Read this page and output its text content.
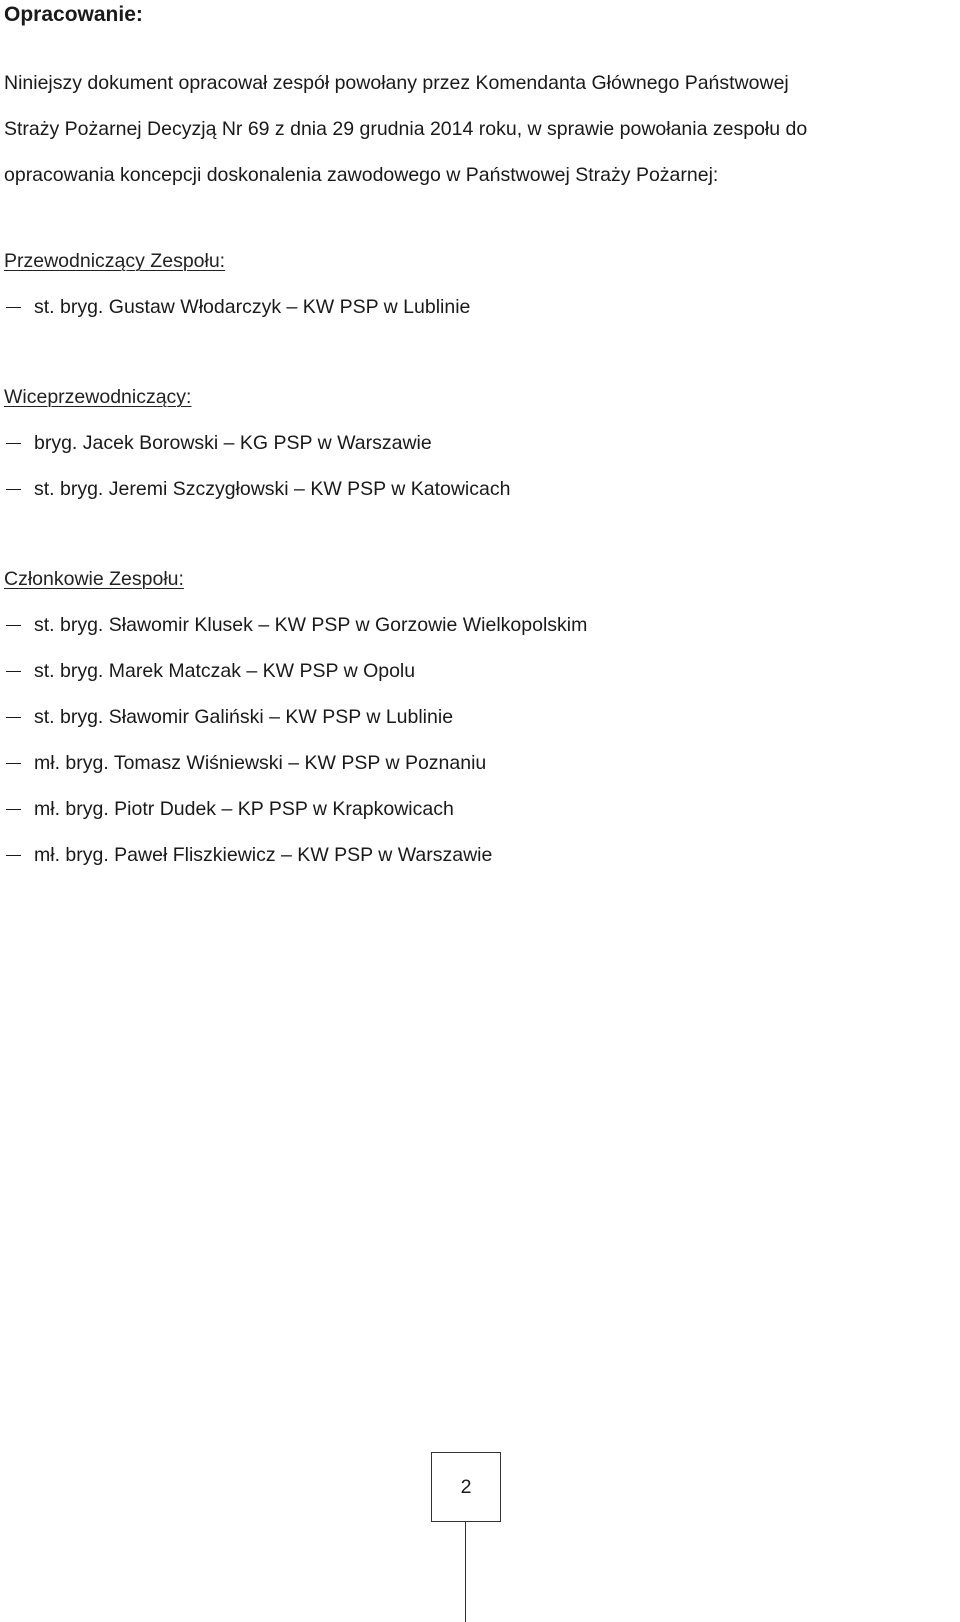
Opracowanie:
Niniejszy dokument opracował zespół powołany przez Komendanta Głównego Państwowej
Straży Pożarnej Decyzją Nr 69 z dnia 29 grudnia 2014 roku, w sprawie powołania zespołu do
opracowania koncepcji doskonalenia zawodowego w Państwowej Straży Pożarnej:

Przewodniczący Zespołu:

st. bryg. Gustaw Włodarczyk – KW PSP w Lublinie

Wiceprzewodniczący:

bryg. Jacek Borowski – KG PSP w Warszawie
st. bryg. Jeremi Szczygłowski – KW PSP w Katowicach

Członkowie Zespołu:

st. bryg. Sławomir Klusek – KW PSP w Gorzowie Wielkopolskim
st. bryg. Marek Matczak – KW PSP w Opolu
st. bryg. Sławomir Galiński – KW PSP w Lublinie
mł. bryg. Tomasz Wiśniewski – KW PSP w Poznaniu
mł. bryg. Piotr Dudek – KP PSP w Krapkowicach
mł. bryg. Paweł Fliszkiewicz – KW PSP w Warszawie
2
